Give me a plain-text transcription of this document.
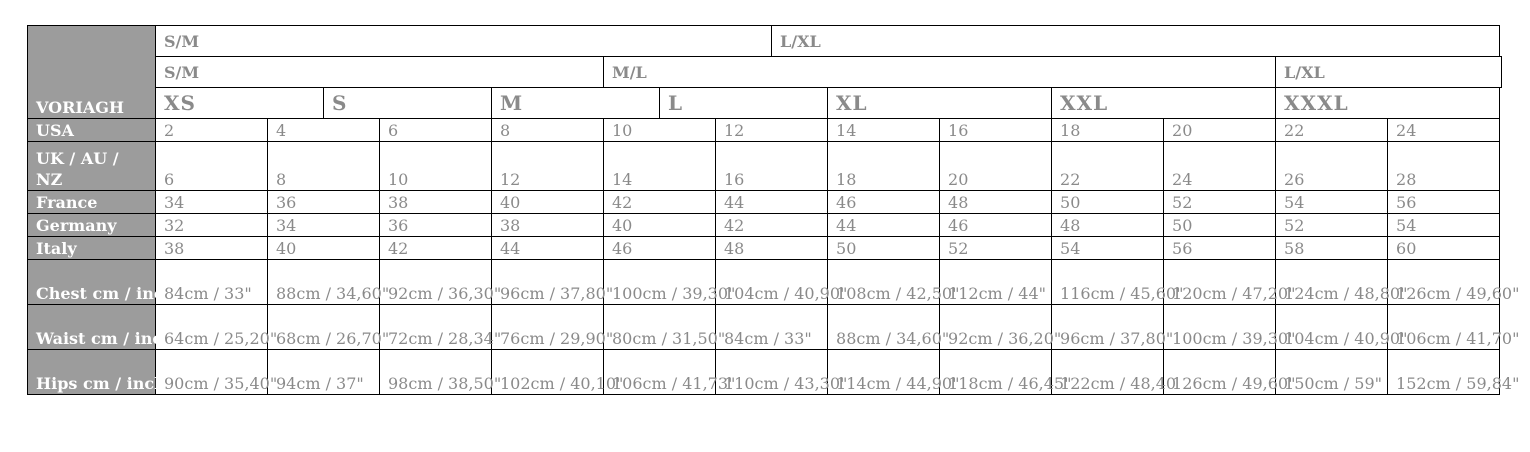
VORIAGH	S/M								L/XL						
	S/M					M/L								L/XL	
	XS		S		M		L			XL		XXL		XXXL	
USA	2	4		6	8	10		12		14	16	18	20	22	24
UK / AU / NZ	6	8		10	12	14		16		18	20	22	24	26	28
France	34	36		38	40	42		44		46	48	50	52	54	56
Germany	32	34		36	38	40		42		44	46	48	50	52	54
Italy	38	40		42	44	46		48		50	52	54	56	58	60
Chest cm / inch	84cm / 33"	88cm / 34,60"		92cm / 36,30"	96cm / 37,80"	100cm / 39,30"		104cm / 40,90"		108cm / 42,50"	112cm / 44"	116cm / 45,60"	120cm / 47,20"	124cm / 48,80"	126cm / 49,60"
Waist cm / inch	64cm / 25,20"	68cm / 26,70"		72cm / 28,34"	76cm / 29,90"	80cm / 31,50"		84cm / 33"		88cm / 34,60"	92cm / 36,20"	96cm / 37,80"	100cm / 39,30"	104cm / 40,90"	106cm / 41,70"
Hips cm / inch	90cm / 35,40"	94cm / 37"		98cm / 38,50"	102cm / 40,10"	106cm / 41,73"		110cm / 43,30"		114cm / 44,90"	118cm / 46,45"	122cm / 48,40	126cm / 49,60"	150cm / 59"	152cm / 59,84"
